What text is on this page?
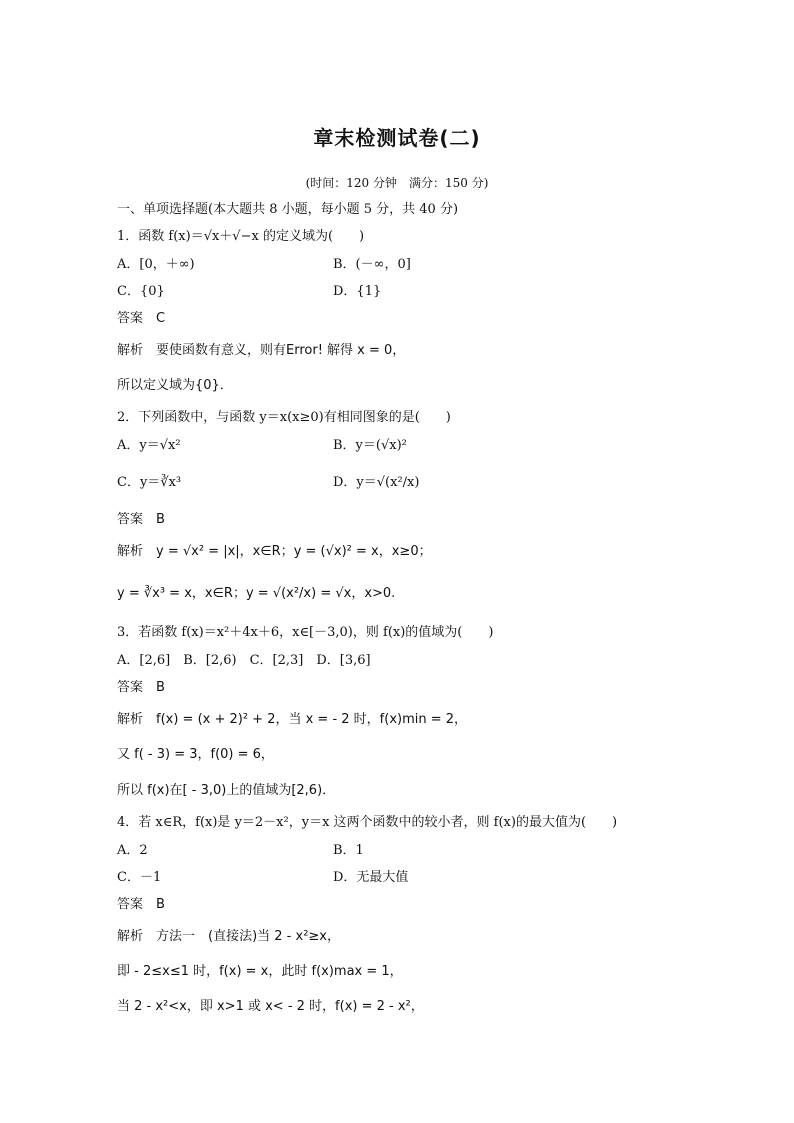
章末检测试卷(二)
(时间：120 分钟　满分：150 分)
一、单项选择题(本大题共 8 小题，每小题 5 分，共 40 分)
1．函数 f(x)＝√x＋√−x 的定义域为(　　)
A．[0，＋∞)	B．(－∞，0]
C．{0}	D．{1}
答案　C
解析　要使函数有意义，则有Error! 解得 x = 0，
所以定义域为{0}．
2．下列函数中，与函数 y＝x(x≥0)有相同图象的是(　　)
A．y＝√x²	B．y＝(√x)²
C．y＝∛x³	D．y＝√(x²/x)
答案　B
解析　y = √x² = |x|，x∈R；y = (√x)² = x，x≥0；
y = ∛x³ = x，x∈R；y = √(x²/x) = √x，x>0.
3．若函数 f(x)＝x²＋4x＋6，x∈[－3,0)，则 f(x)的值域为(　　)
A．[2,6]　B．[2,6)　C．[2,3]　D．[3,6]
答案　B
解析　f(x) = (x + 2)² + 2，当 x = - 2 时，f(x)min = 2，
又 f( - 3) = 3，f(0) = 6，
所以 f(x)在[ - 3,0)上的值域为[2,6)．
4．若 x∈R，f(x)是 y＝2－x²，y＝x 这两个函数中的较小者，则 f(x)的最大值为(　　)
A．2	B．1
C．－1	D．无最大值
答案　B
解析　方法一　(直接法)当 2 - x²≥x，
即 - 2≤x≤1 时，f(x) = x，此时 f(x)max = 1，
当 2 - x²<x，即 x>1 或 x< - 2 时，f(x) = 2 - x²，
